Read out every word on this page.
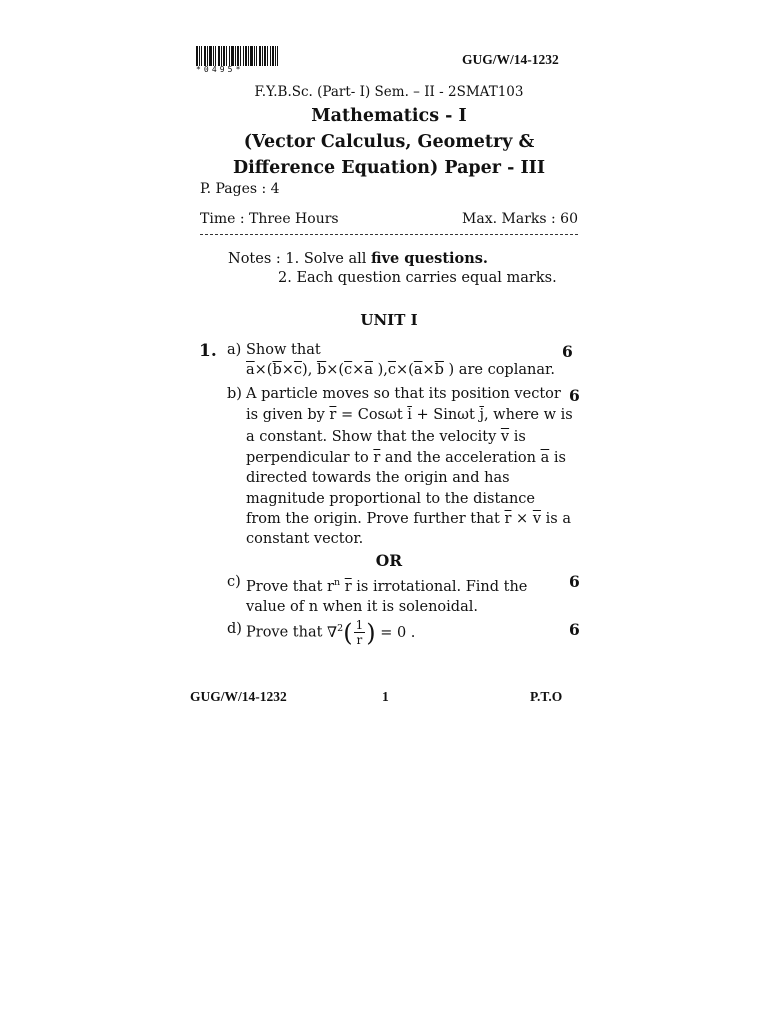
*0495*
GUG/W/14-1232
F.Y.B.Sc. (Part- I) Sem. – II - 2SMAT103
Mathematics - I
(Vector Calculus, Geometry &
Difference Equation) Paper - III
P. Pages : 4
Time : Three Hours	Max. Marks : 60
Notes : 1. Solve all five questions.
2. Each question carries equal marks.
UNIT I
1. a) Show that
$\overline{a}\times(\overline{b}\times\overline{c})$, $\overline{b}\times(\overline{c}\times\overline{a}$ )$,\overline{c}\times(\overline{a}\times\overline{b}$ ) are coplanar.
6
b)	6
A particle moves so that its position vector
is given by $\overline{r} = Cos\omega t$ $\overline{i} + Sin\omega t$ $\overline{j}$, where w is
a constant. Show that the velocity $\overline{v}$ is
perpendicular to $\overline{r}$ and the acceleration $\overline{a}$ is
directed towards the origin and has
magnitude proportional to the distance
from the origin. Prove further that $\overline{r} \times \overline{v}$ is a
constant vector.
OR
c) Prove that $r^n$ $\overline{r}$ is irrotational. Find the
value of n when it is solenoidal.
6
d) Prove that $\nabla^2( \frac{1}{r}$ ) = 0 .	6
GUG/W/14-1232	1	P.T.O
